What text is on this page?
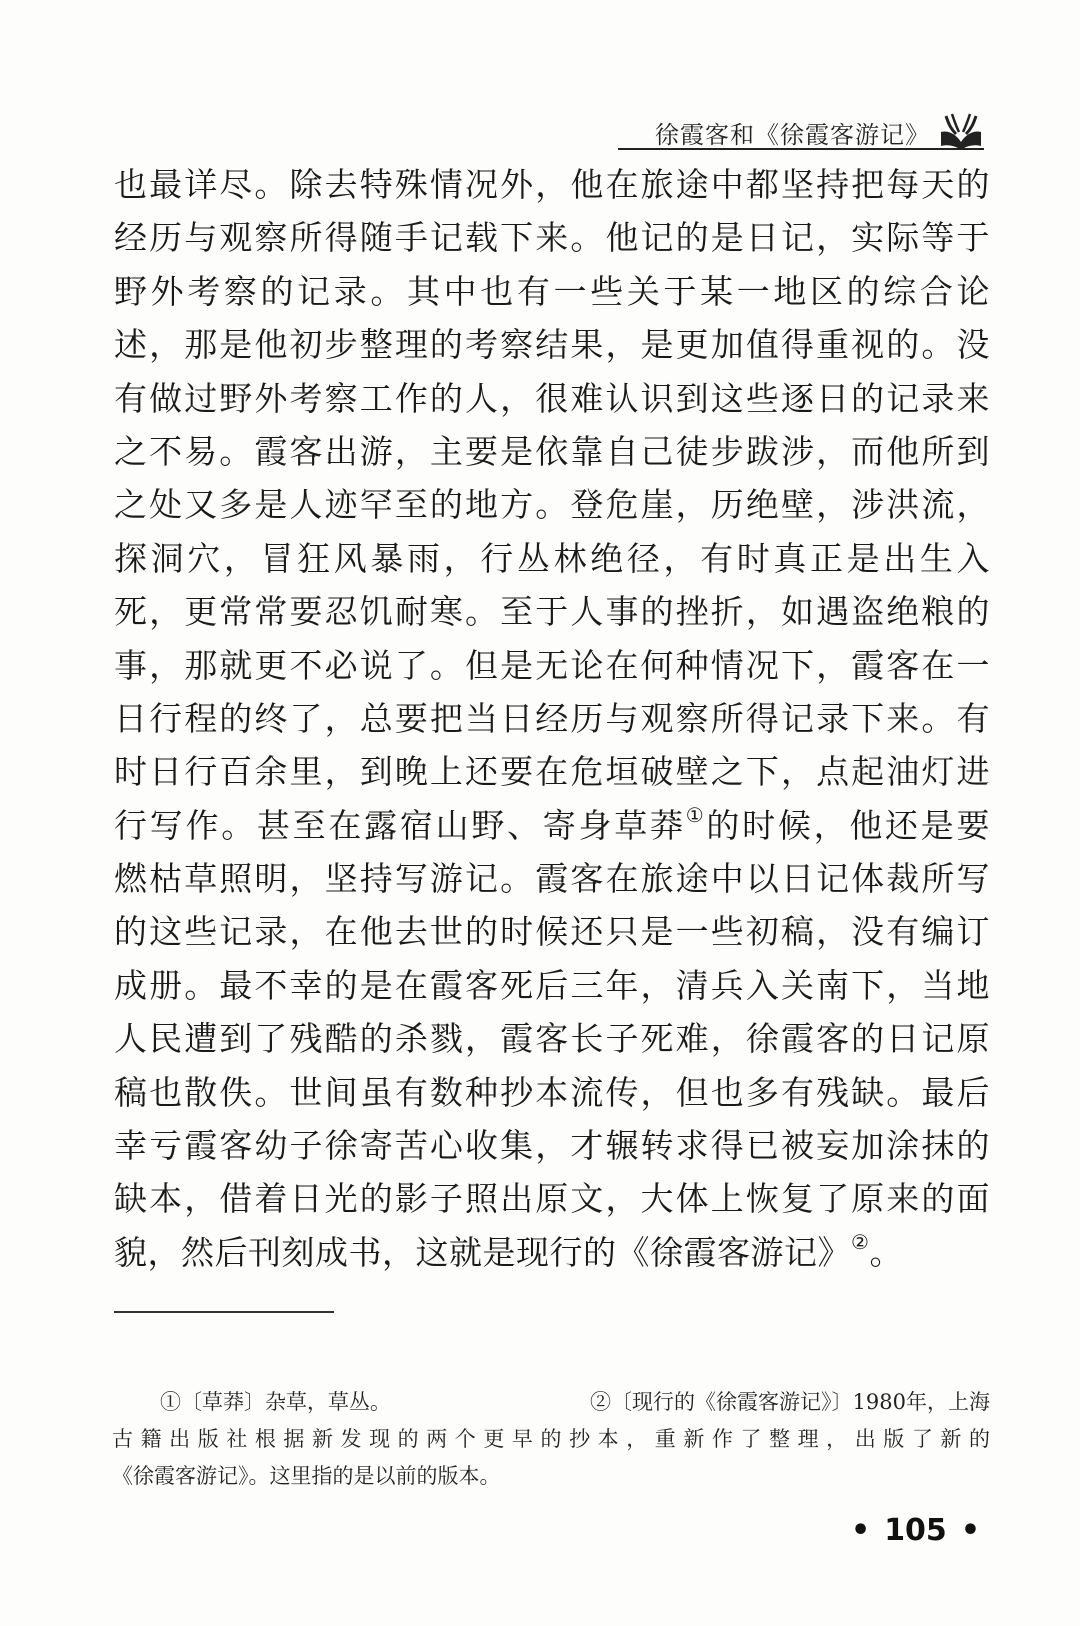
徐霞客和《徐霞客游记》
也最详尽。除去特殊情况外，他在旅途中都坚持把每天的
经历与观察所得随手记载下来。他记的是日记，实际等于
野外考察的记录。其中也有一些关于某一地区的综合论
述，那是他初步整理的考察结果，是更加值得重视的。没
有做过野外考察工作的人，很难认识到这些逐日的记录来
之不易。霞客出游，主要是依靠自己徒步跋涉，而他所到
之处又多是人迹罕至的地方。登危崖，历绝壁，涉洪流，
探洞穴，冒狂风暴雨，行丛林绝径，有时真正是出生入
死，更常常要忍饥耐寒。至于人事的挫折，如遇盗绝粮的
事，那就更不必说了。但是无论在何种情况下，霞客在一
日行程的终了，总要把当日经历与观察所得记录下来。有
时日行百余里，到晚上还要在危垣破壁之下，点起油灯进
行写作。甚至在露宿山野、寄身草莽①的时候，他还是要
燃枯草照明，坚持写游记。霞客在旅途中以日记体裁所写
的这些记录，在他去世的时候还只是一些初稿，没有编订
成册。最不幸的是在霞客死后三年，清兵入关南下，当地
人民遭到了残酷的杀戮，霞客长子死难，徐霞客的日记原
稿也散佚。世间虽有数种抄本流传，但也多有残缺。最后
幸亏霞客幼子徐寄苦心收集，才辗转求得已被妄加涂抹的
缺本，借着日光的影子照出原文，大体上恢复了原来的面
貌，然后刊刻成书，这就是现行的《徐霞客游记》②。
①〔草莽〕杂草，草丛。	②〔现行的《徐霞客游记》〕1980年，上海
古籍出版社根据新发现的两个更早的抄本，重新作了整理，出版了新的
《徐霞客游记》。这里指的是以前的版本。
• 105 •
